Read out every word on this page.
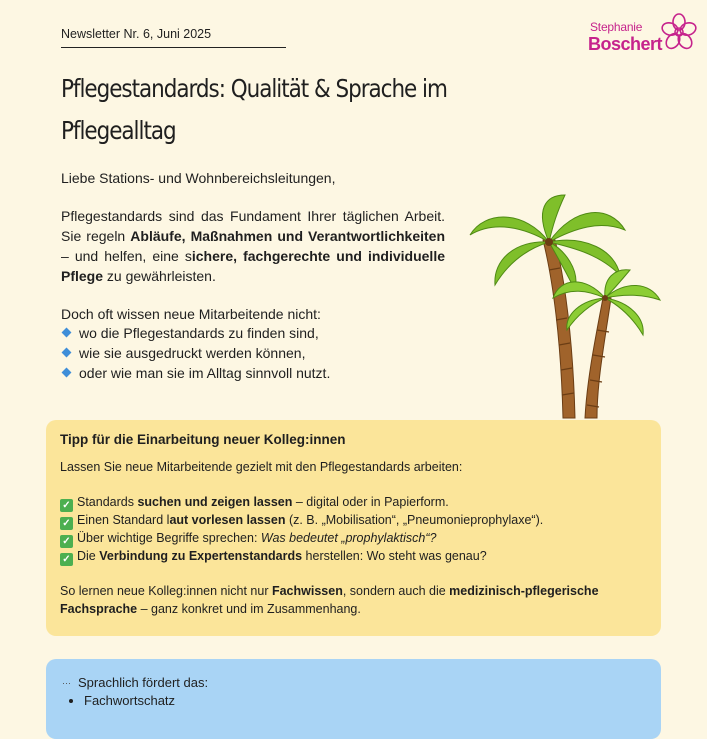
Newsletter Nr. 6, Juni 2025	Stephanie
Boschert
Pflegestandards: Qualität & Sprache im Pflegealltag
Liebe Stations- und Wohnbereichsleitungen,
Pflegestandards sind das Fundament Ihrer täglichen Arbeit. Sie regeln Abläufe, Maßnahmen und Verantwortlichkeiten – und helfen, eine sichere, fachgerechte und individuelle Pflege zu gewährleisten.
Doch oft wissen neue Mitarbeitende nicht:
wo die Pflegestandards zu finden sind,
wie sie ausgedruckt werden können,
oder wie man sie im Alltag sinnvoll nutzt.
Tipp für die Einarbeitung neuer Kolleg:innen
Lassen Sie neue Mitarbeitende gezielt mit den Pflegestandards arbeiten:
✓ Standards suchen und zeigen lassen – digital oder in Papierform.
✓ Einen Standard laut vorlesen lassen (z. B. „Mobilisation“, „Pneumonieprophylaxe“).
✓ Über wichtige Begriffe sprechen: Was bedeutet „prophylaktisch“?
✓ Die Verbindung zu Expertenstandards herstellen: Wo steht was genau?
So lernen neue Kolleg:innen nicht nur Fachwissen, sondern auch die medizinisch-pflegerische Fachsprache – ganz konkret und im Zusammenhang.
⋯ Sprachlich fördert das:
• Fachwortschatz
